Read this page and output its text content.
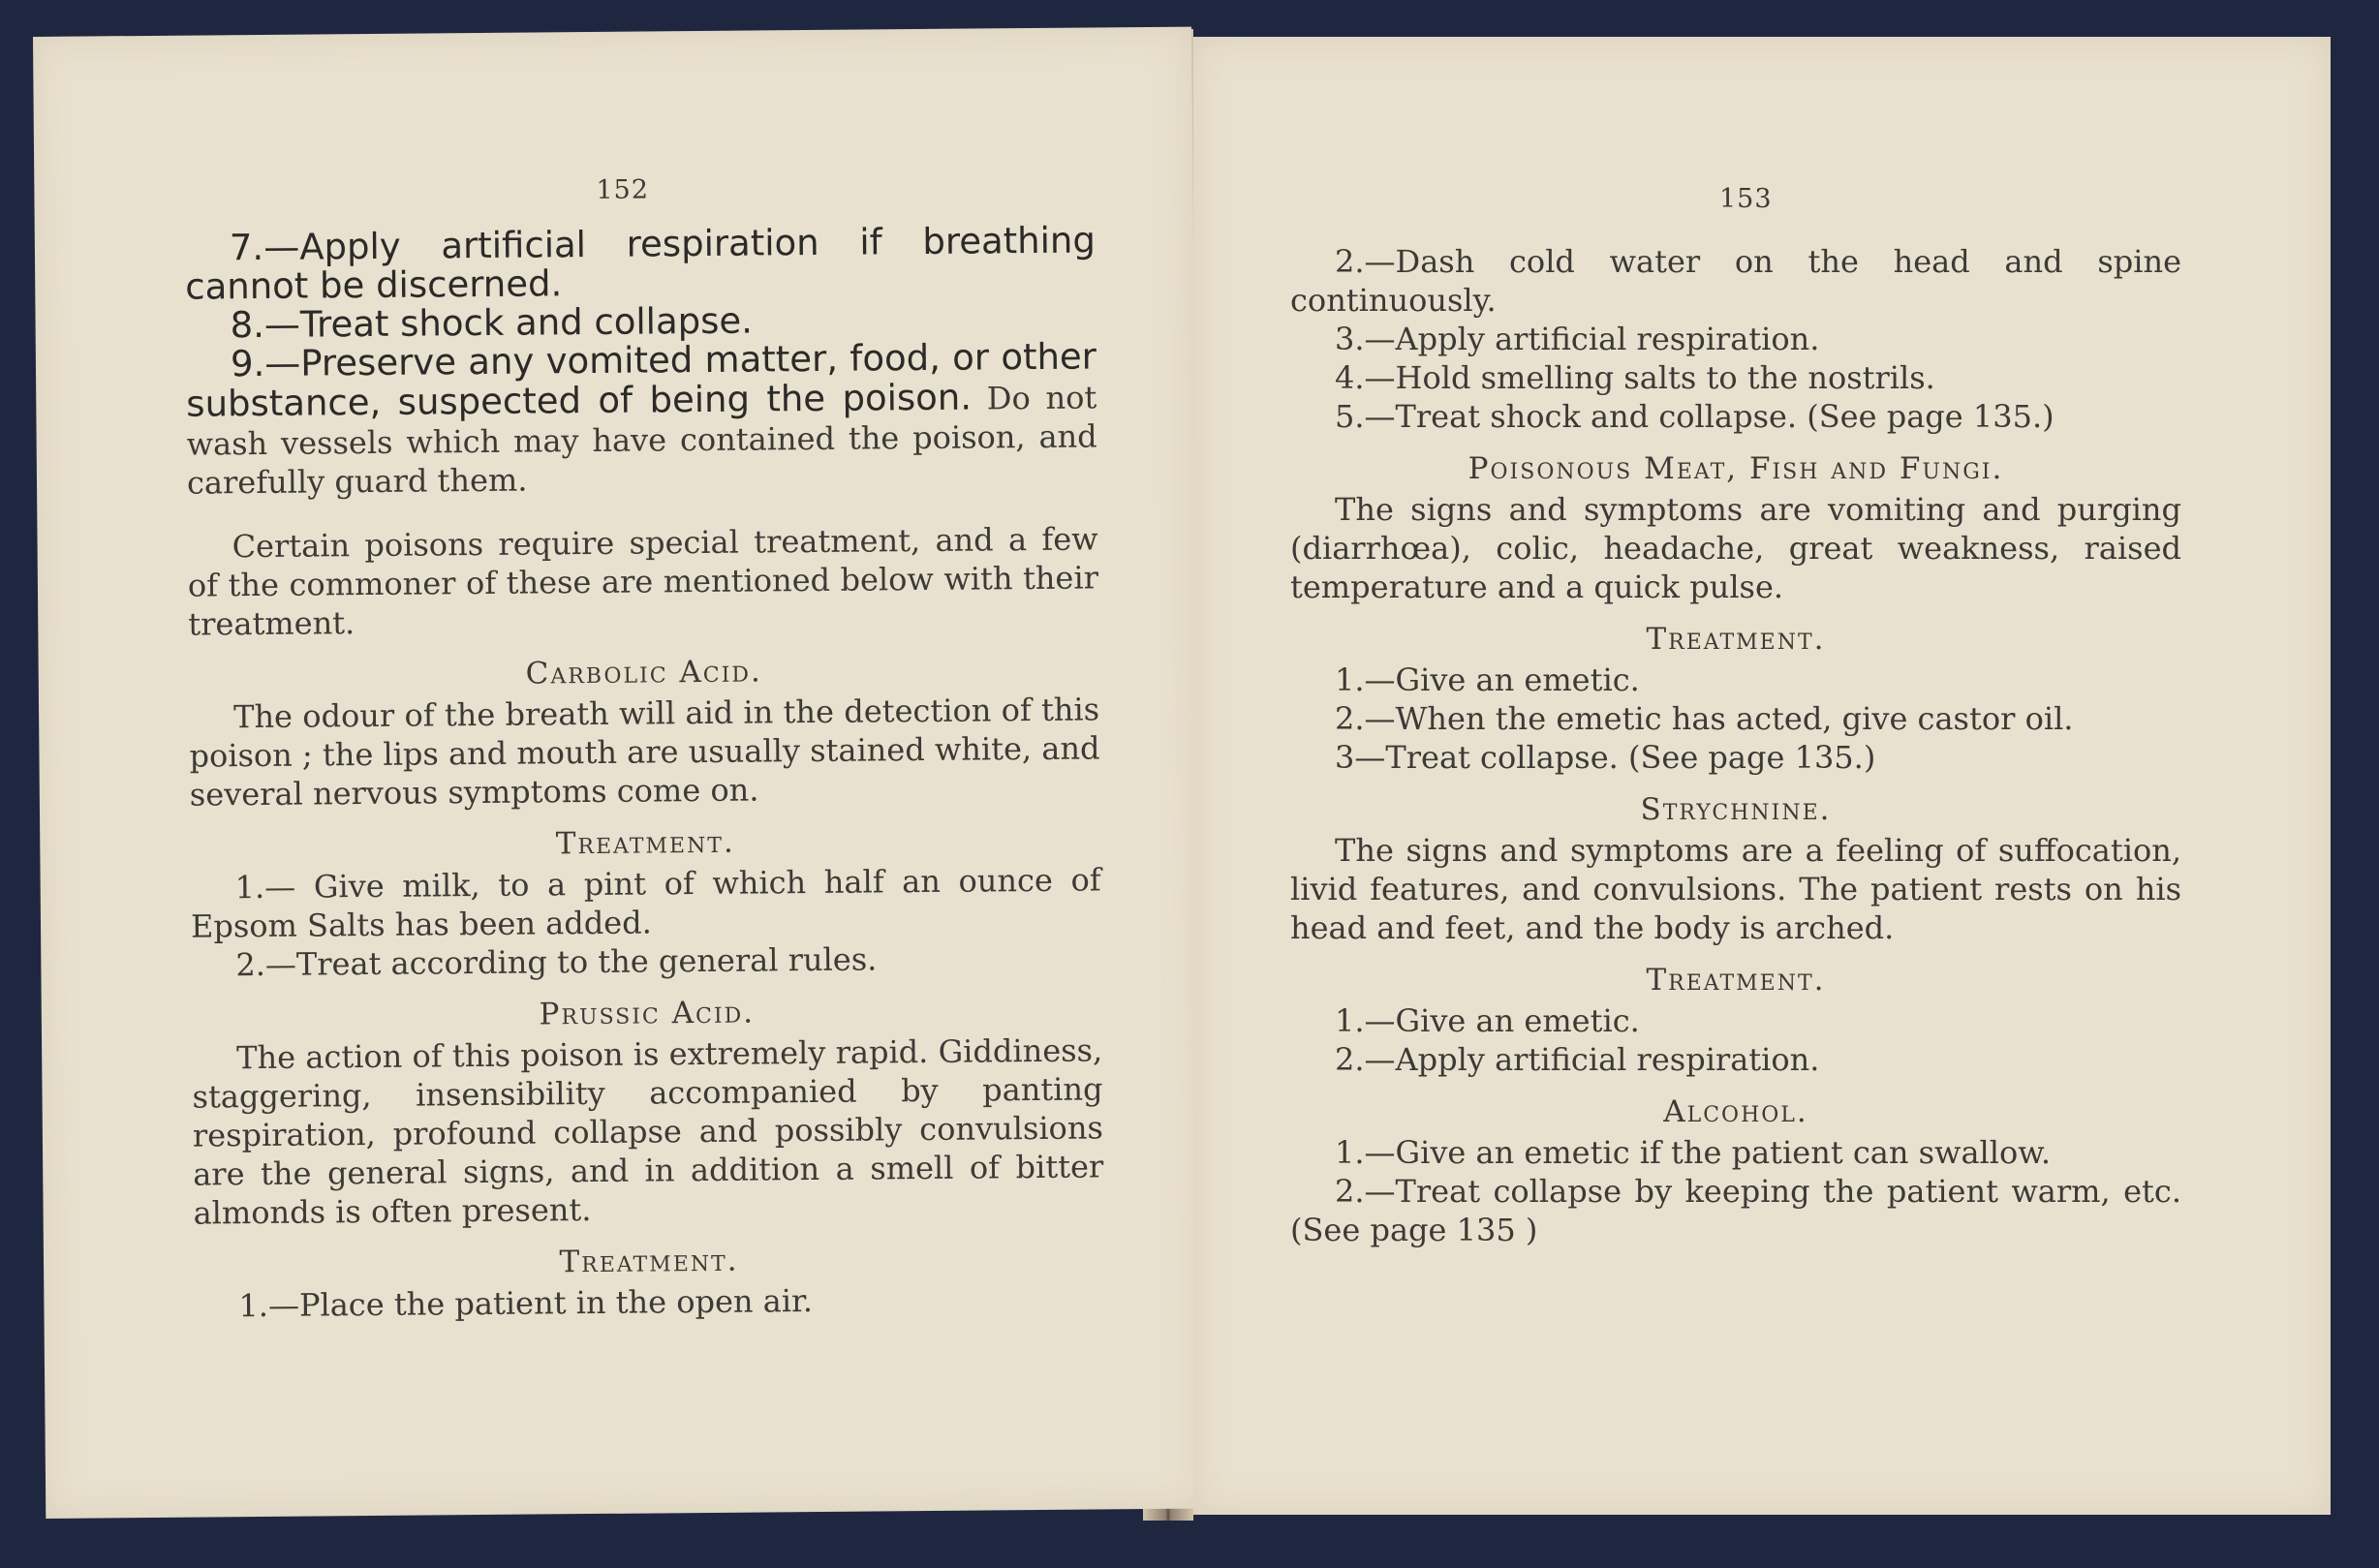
152

7.—Apply artificial respiration if breathing cannot be discerned.

8.—Treat shock and collapse.

9.—Preserve any vomited matter, food, or other substance, suspected of being the poison. Do not wash vessels which may have contained the poison, and carefully guard them.

Certain poisons require special treatment, and a few of the commoner of these are mentioned below with their treatment.

Carbolic Acid.

The odour of the breath will aid in the detection of this poison ; the lips and mouth are usually stained white, and several nervous symptoms come on.

Treatment.

1.— Give milk, to a pint of which half an ounce of Epsom Salts has been added.

2.—Treat according to the general rules.

Prussic Acid.

The action of this poison is extremely rapid. Giddiness, staggering, insensibility accompanied by panting respiration, profound collapse and possibly convulsions are the general signs, and in addition a smell of bitter almonds is often present.

Treatment.

1.—Place the patient in the open air.

153

2.—Dash cold water on the head and spine continuously.

3.—Apply artificial respiration.

4.—Hold smelling salts to the nostrils.

5.—Treat shock and collapse. (See page 135.)

Poisonous Meat, Fish and Fungi.

The signs and symptoms are vomiting and purging (diarrhœa), colic, headache, great weakness, raised temperature and a quick pulse.

Treatment.

1.—Give an emetic.

2.—When the emetic has acted, give castor oil.

3—Treat collapse. (See page 135.)

Strychnine.

The signs and symptoms are a feeling of suffocation, livid features, and convulsions. The patient rests on his head and feet, and the body is arched.

Treatment.

1.—Give an emetic.

2.—Apply artificial respiration.

Alcohol.

1.—Give an emetic if the patient can swallow.

2.—Treat collapse by keeping the patient warm, etc. (See page 135 )
